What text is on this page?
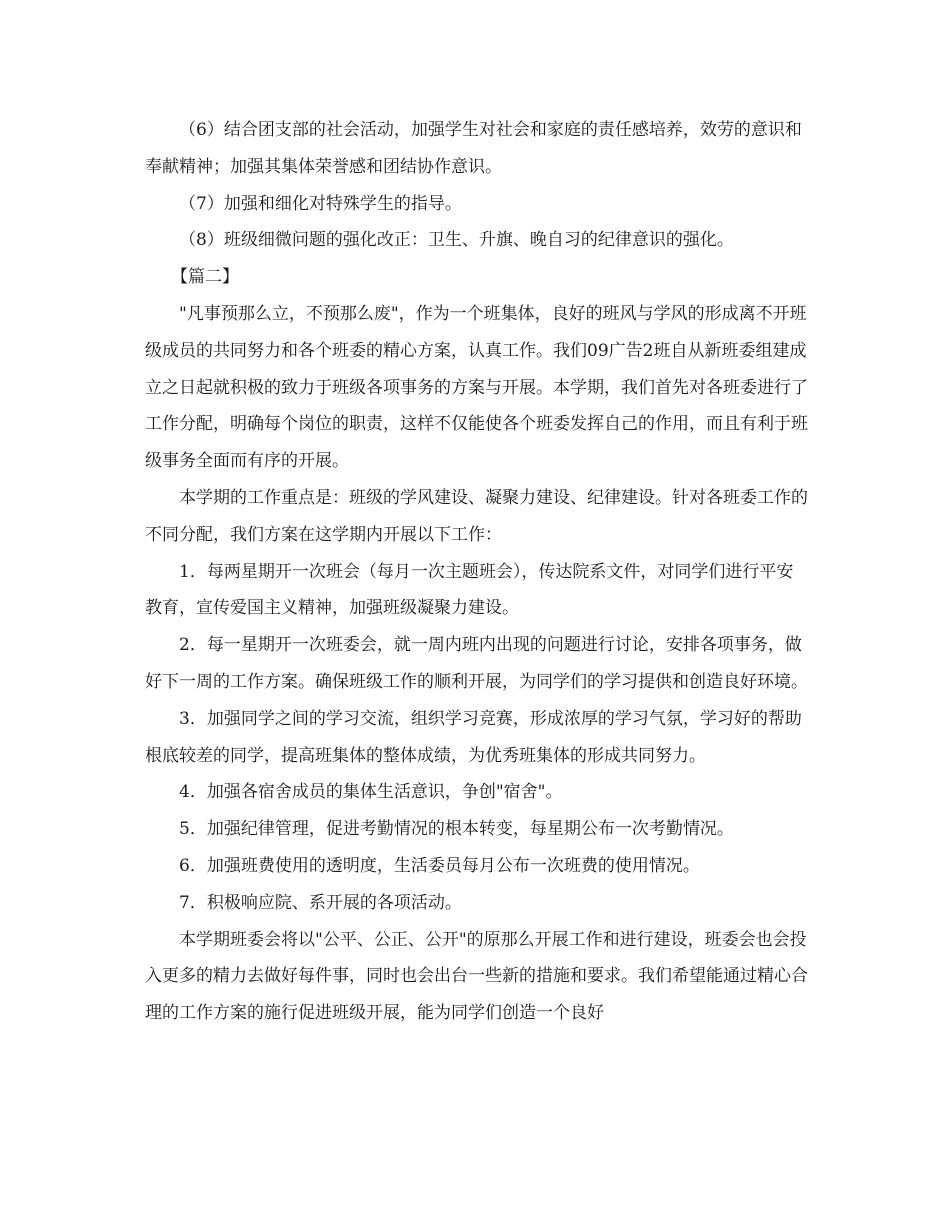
（6）结合团支部的社会活动，加强学生对社会和家庭的责任感培养，效劳的意识和奉献精神；加强其集体荣誉感和团结协作意识。

（7）加强和细化对特殊学生的指导。

（8）班级细微问题的强化改正：卫生、升旗、晚自习的纪律意识的强化。

【篇二】

"凡事预那么立，不预那么废"，作为一个班集体，良好的班风与学风的形成离不开班级成员的共同努力和各个班委的精心方案，认真工作。我们09广告2班自从新班委组建成立之日起就积极的致力于班级各项事务的方案与开展。本学期，我们首先对各班委进行了工作分配，明确每个岗位的职责，这样不仅能使各个班委发挥自己的作用，而且有利于班级事务全面而有序的开展。

本学期的工作重点是：班级的学风建设、凝聚力建设、纪律建设。针对各班委工作的不同分配，我们方案在这学期内开展以下工作：

1．每两星期开一次班会（每月一次主题班会），传达院系文件，对同学们进行平安教育，宣传爱国主义精神，加强班级凝聚力建设。

2．每一星期开一次班委会，就一周内班内出现的问题进行讨论，安排各项事务，做好下一周的工作方案。确保班级工作的顺利开展，为同学们的学习提供和创造良好环境。

3．加强同学之间的学习交流，组织学习竞赛，形成浓厚的学习气氛，学习好的帮助根底较差的同学，提高班集体的整体成绩，为优秀班集体的形成共同努力。

4．加强各宿舍成员的集体生活意识，争创"宿舍"。

5．加强纪律管理，促进考勤情况的根本转变，每星期公布一次考勤情况。

6．加强班费使用的透明度，生活委员每月公布一次班费的使用情况。

7．积极响应院、系开展的各项活动。

本学期班委会将以"公平、公正、公开"的原那么开展工作和进行建设，班委会也会投入更多的精力去做好每件事，同时也会出台一些新的措施和要求。我们希望能通过精心合理的工作方案的施行促进班级开展，能为同学们创造一个良好
